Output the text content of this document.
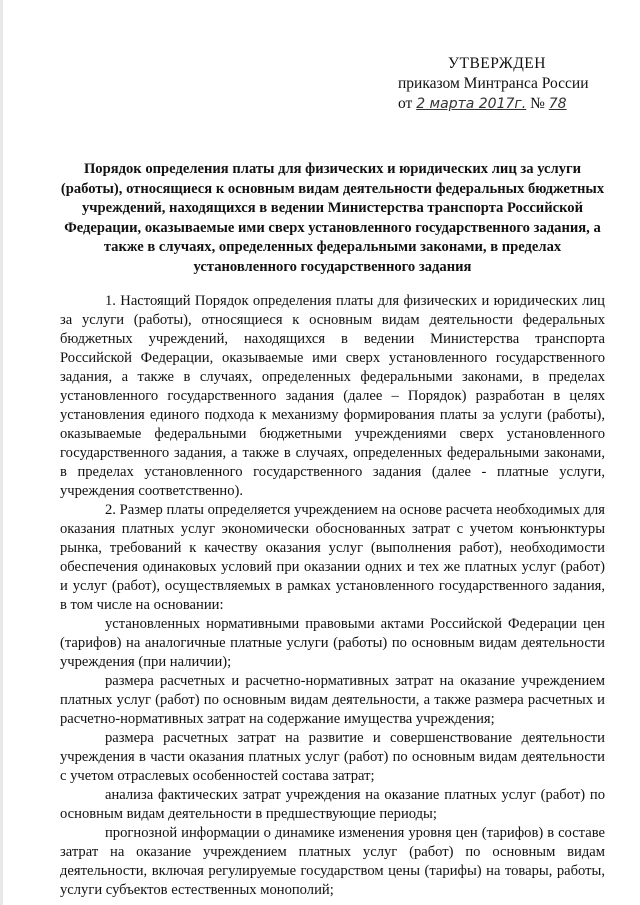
УТВЕРЖДЕН
приказом Минтранса России
от 2 марта 2017г. № 78
Порядок определения платы для физических и юридических лиц за услуги (работы), относящиеся к основным видам деятельности федеральных бюджетных учреждений, находящихся в ведении Министерства транспорта Российской Федерации, оказываемые ими сверх установленного государственного задания, а также в случаях, определенных федеральными законами, в пределах установленного государственного задания

1. Настоящий Порядок определения платы для физических и юридических лиц за услуги (работы), относящиеся к основным видам деятельности федеральных бюджетных учреждений, находящихся в ведении Министерства транспорта Российской Федерации, оказываемые ими сверх установленного государственного задания, а также в случаях, определенных федеральными законами, в пределах установленного государственного задания (далее – Порядок) разработан в целях установления единого подхода к механизму формирования платы за услуги (работы), оказываемые федеральными бюджетными учреждениями сверх установленного государственного задания, а также в случаях, определенных федеральными законами, в пределах установленного государственного задания (далее - платные услуги, учреждения соответственно).

2. Размер платы определяется учреждением на основе расчета необходимых для оказания платных услуг экономически обоснованных затрат с учетом конъюнктуры рынка, требований к качеству оказания услуг (выполнения работ), необходимости обеспечения одинаковых условий при оказании одних и тех же платных услуг (работ) и услуг (работ), осуществляемых в рамках установленного государственного задания, в том числе на основании:

установленных нормативными правовыми актами Российской Федерации цен (тарифов) на аналогичные платные услуги (работы) по основным видам деятельности учреждения (при наличии);

размера расчетных и расчетно-нормативных затрат на оказание учреждением платных услуг (работ) по основным видам деятельности, а также размера расчетных и расчетно-нормативных затрат на содержание имущества учреждения;

размера расчетных затрат на развитие и совершенствование деятельности учреждения в части оказания платных услуг (работ) по основным видам деятельности с учетом отраслевых особенностей состава затрат;

анализа фактических затрат учреждения на оказание платных услуг (работ) по основным видам деятельности в предшествующие периоды;

прогнозной информации о динамике изменения уровня цен (тарифов) в составе затрат на оказание учреждением платных услуг (работ) по основным видам деятельности, включая регулируемые государством цены (тарифы) на товары, работы, услуги субъектов естественных монополий;
